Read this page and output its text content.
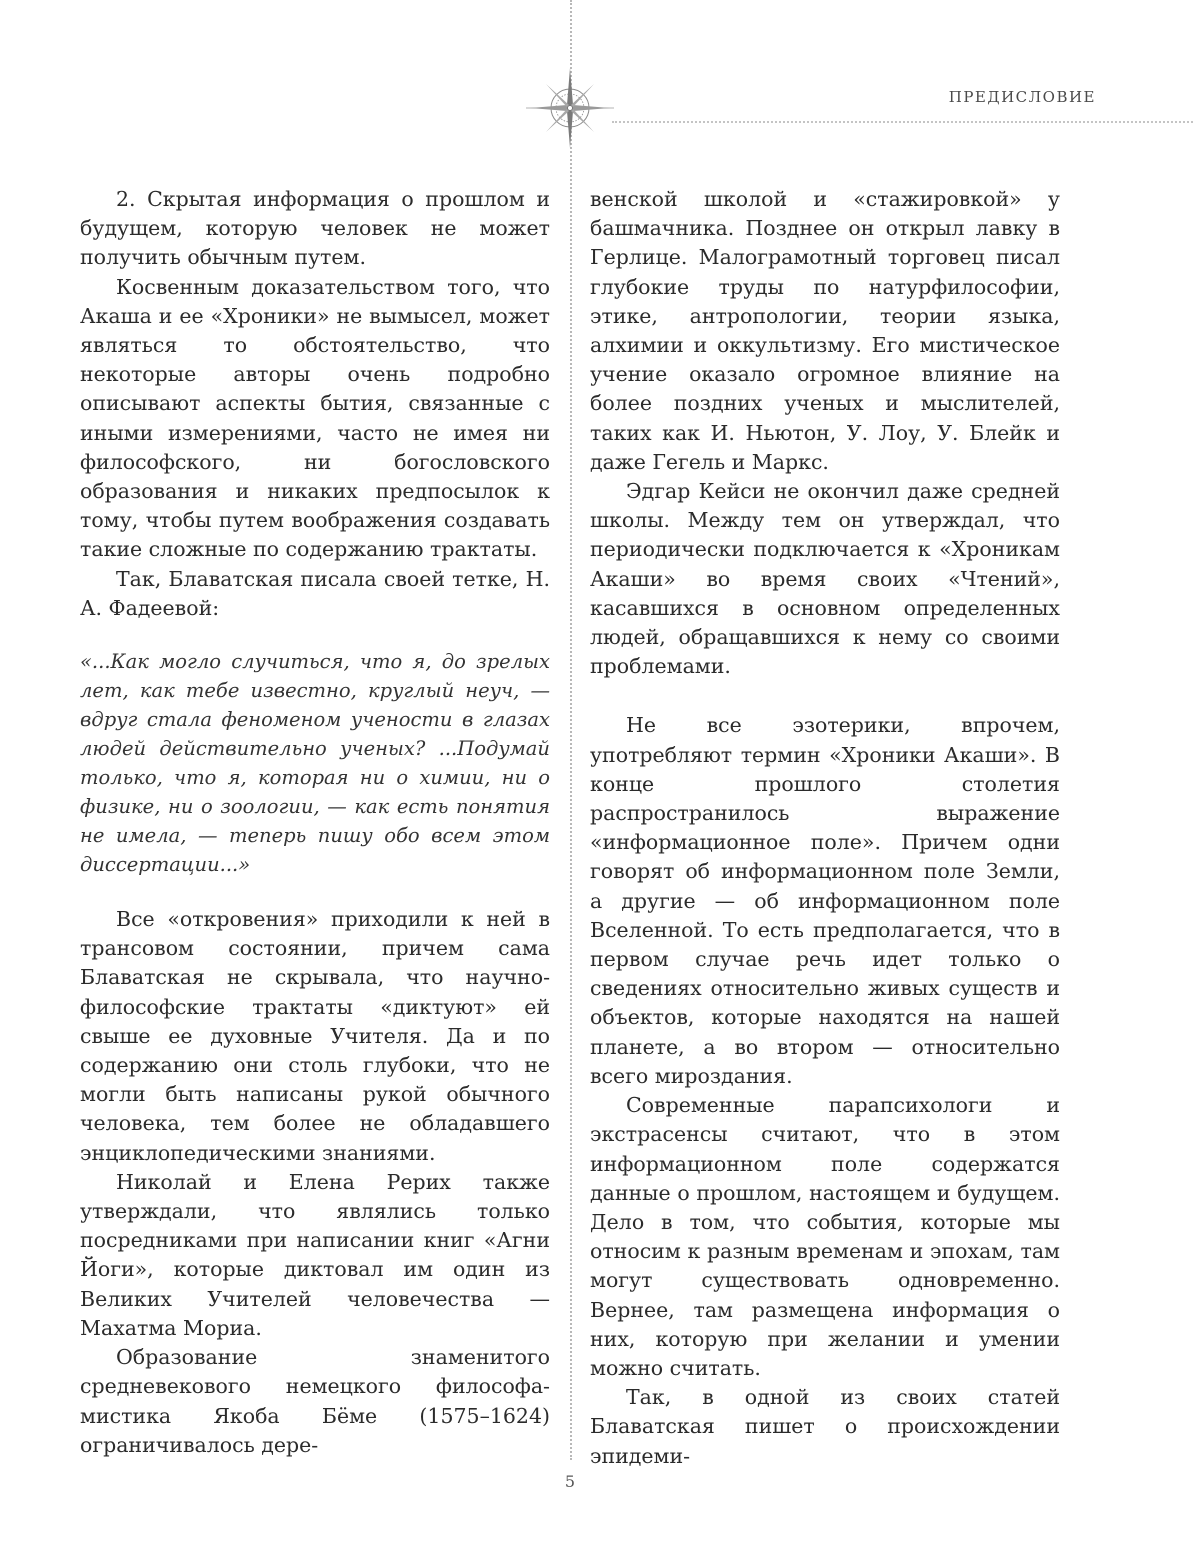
ПРЕДИСЛОВИЕ

2. Скрытая информация о прошлом и будущем, которую человек не может получить обычным путем.

Косвенным доказательством того, что Акаша и ее «Хроники» не вымысел, может являться то обстоятельство, что некоторые авторы очень подробно описывают аспекты бытия, связанные с иными измерениями, часто не имея ни философского, ни богословского образования и никаких предпосылок к тому, чтобы путем воображения создавать такие сложные по содержанию трактаты.

Так, Блаватская писала своей тетке, Н. А. Фадеевой:

«...Как могло случиться, что я, до зрелых лет, как тебе известно, круглый неуч, — вдруг стала феноменом учености в глазах людей действительно ученых? ...Подумай только, что я, которая ни о химии, ни о физике, ни о зоологии, — как есть понятия не имела, — теперь пишу обо всем этом диссертации...»

Все «откровения» приходили к ней в трансовом состоянии, причем сама Блаватская не скрывала, что научно-философские трактаты «диктуют» ей свыше ее духовные Учителя. Да и по содержанию они столь глубоки, что не могли быть написаны рукой обычного человека, тем более не обладавшего энциклопедическими знаниями.

Николай и Елена Рерих также утверждали, что являлись только посредниками при написании книг «Агни Йоги», которые диктовал им один из Великих Учителей человечества — Махатма Мориа.

Образование знаменитого средневекового немецкого философа-мистика Якоба Бёме (1575–1624) ограничивалось дере-

венской школой и «стажировкой» у башмачника. Позднее он открыл лавку в Герлице. Малограмотный торговец писал глубокие труды по натурфилософии, этике, антропологии, теории языка, алхимии и оккультизму. Его мистическое учение оказало огромное влияние на более поздних ученых и мыслителей, таких как И. Ньютон, У. Лоу, У. Блейк и даже Гегель и Маркс.

Эдгар Кейси не окончил даже средней школы. Между тем он утверждал, что периодически подключается к «Хроникам Акаши» во время своих «Чтений», касавшихся в основном определенных людей, обращавшихся к нему со своими проблемами.

Не все эзотерики, впрочем, употребляют термин «Хроники Акаши». В конце прошлого столетия распространилось выражение «информационное поле». Причем одни говорят об информационном поле Земли, а другие — об информационном поле Вселенной. То есть предполагается, что в первом случае речь идет только о сведениях относительно живых существ и объектов, которые находятся на нашей планете, а во втором — относительно всего мироздания.

Современные парапсихологи и экстрасенсы считают, что в этом информационном поле содержатся данные о прошлом, настоящем и будущем. Дело в том, что события, которые мы относим к разным временам и эпохам, там могут существовать одновременно. Вернее, там размещена информация о них, которую при желании и умении можно считать.

Так, в одной из своих статей Блаватская пишет о происхождении эпидеми-

5
